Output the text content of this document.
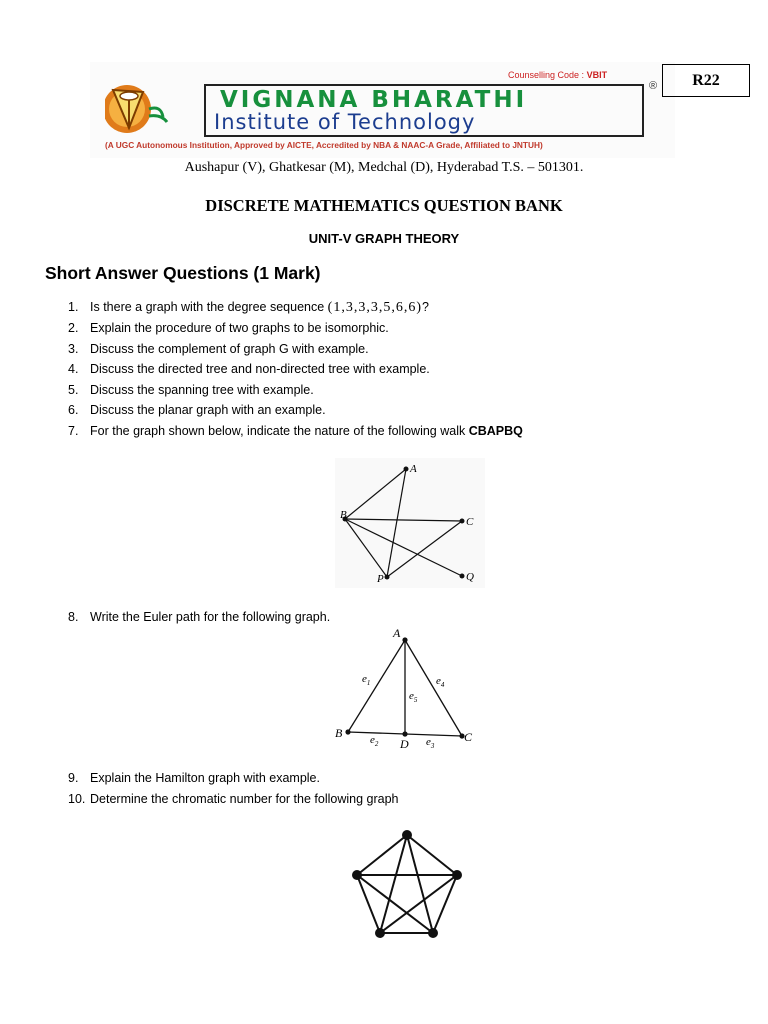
VIGNANA BHARATHI
Institute of Technology
Counselling Code : VBIT
®
(A UGC Autonomous Institution, Approved by AICTE, Accredited by NBA & NAAC-A Grade, Affiliated to JNTUH)
R22
Aushapur (V), Ghatkesar (M), Medchal (D), Hyderabad T.S. – 501301.
DISCRETE MATHEMATICS QUESTION BANK
UNIT-V GRAPH THEORY
Short Answer Questions (1 Mark)
1. Is there a graph with the degree sequence (1,3,3,3,5,6,6)?
2. Explain the procedure of two graphs to be isomorphic.
3. Discuss the complement of graph G with example.
4. Discuss the directed tree and non-directed tree with example.
5. Discuss the spanning tree with example.
6. Discuss the planar graph with an example.
7. For the graph shown below, indicate the nature of the following walk CBAPBQ
A
B
C
P	Q
8. Write the Euler path for the following graph.
A
B	C
D
$e_1$
$e_2$	$e_3$
$e_4$
$e_5$
9. Explain the Hamilton graph with example.
10. Determine the chromatic number for the following graph
